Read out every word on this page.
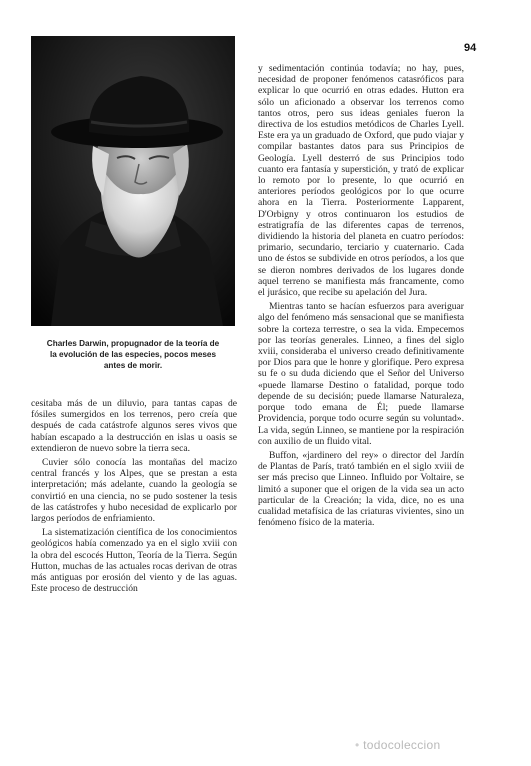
94
Charles Darwin, propugnador de la teoría de
la evolución de las especies, pocos meses
antes de morir.

cesitaba más de un diluvio, para tantas capas de fósiles sumergidos en los terrenos, pero creía que después de cada catástrofe algunos seres vivos que habían escapado a la destrucción en islas u oasis se extendieron de nuevo sobre la tierra seca.

Cuvier sólo conocía las montañas del macizo central francés y los Alpes, que se prestan a esta interpretación; más adelante, cuando la geología se convirtió en una ciencia, no se pudo sostener la tesis de las catástrofes y hubo necesidad de explicarlo por largos períodos de enfriamiento.

La sistematización científica de los conocimientos geológicos había comenzado ya en el siglo xviii con la obra del escocés Hutton, Teoría de la Tierra. Según Hutton, muchas de las actuales rocas derivan de otras más antiguas por erosión del viento y de las aguas. Este proceso de destrucción

y sedimentación continúa todavía; no hay, pues, necesidad de proponer fenómenos catasróficos para explicar lo que ocurrió en otras edades. Hutton era sólo un aficionado a observar los terrenos como tantos otros, pero sus ideas geniales fueron la directiva de los estudios metódicos de Charles Lyell. Este era ya un graduado de Oxford, que pudo viajar y compilar bastantes datos para sus Principios de Geología. Lyell desterró de sus Principios todo cuanto era fantasía y superstición, y trató de explicar lo remoto por lo presente, lo que ocurrió en anteriores períodos geológicos por lo que ocurre ahora en la Tierra. Posteriormente Lapparent, D'Orbigny y otros continuaron los estudios de estratigrafía de las diferentes capas de terrenos, dividiendo la historia del planeta en cuatro períodos: primario, secundario, terciario y cuaternario. Cada uno de éstos se subdivide en otros períodos, a los que se dieron nombres derivados de los lugares donde aquel terreno se manifiesta más francamente, como el jurásico, que recibe su apelación del Jura.

Mientras tanto se hacían esfuerzos para averiguar algo del fenómeno más sensacional que se manifiesta sobre la corteza terrestre, o sea la vida. Empecemos por las teorías generales. Linneo, a fines del siglo xviii, consideraba el universo creado definitivamente por Dios para que le honre y glorifique. Pero expresa su fe o su duda diciendo que el Señor del Universo «puede llamarse Destino o fatalidad, porque todo depende de su decisión; puede llamarse Naturaleza, porque todo emana de Él; puede llamarse Providencia, porque todo ocurre según su voluntad». La vida, según Linneo, se mantiene por la respiración con auxilio de un fluido vital.

Buffon, «jardinero del rey» o director del Jardín de Plantas de París, trató también en el siglo xviii de ser más preciso que Linneo. Influido por Voltaire, se limitó a suponer que el origen de la vida sea un acto particular de la Creación; la vida, dice, no es una cualidad metafísica de las criaturas vivientes, sino un fenómeno físico de la materia.

• todocoleccion
